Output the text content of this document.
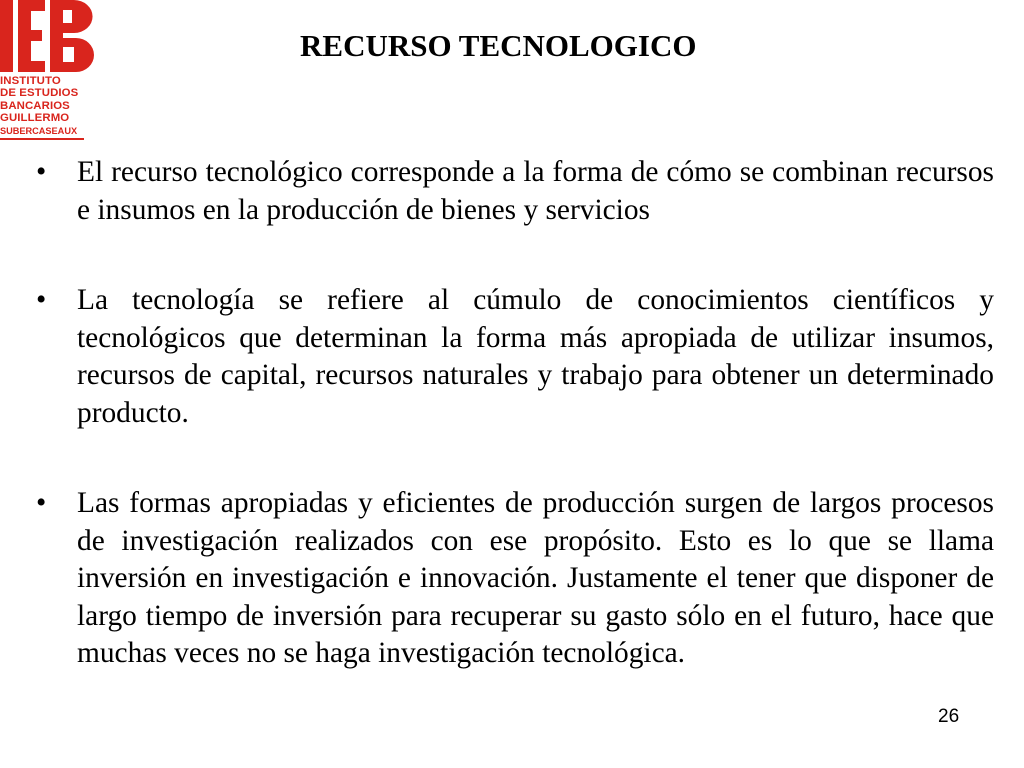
INSTITUTO
DE ESTUDIOS
BANCARIOS
GUILLERMO
SUBERCASEAUX
RECURSO TECNOLOGICO
• El recurso tecnológico corresponde a la forma de cómo se combinan recursos e insumos en la producción de bienes y servicios
• La tecnología se refiere al cúmulo de conocimientos científicos y tecnológicos que determinan la forma más apropiada de utilizar insumos, recursos de capital, recursos naturales y trabajo para obtener un determinado producto.
• Las formas apropiadas y eficientes de producción surgen de largos procesos de investigación realizados con ese propósito. Esto es lo que se llama inversión en investigación e innovación. Justamente el tener que disponer de largo tiempo de inversión para recuperar su gasto sólo en el futuro, hace que muchas veces no se haga investigación tecnológica.
26
